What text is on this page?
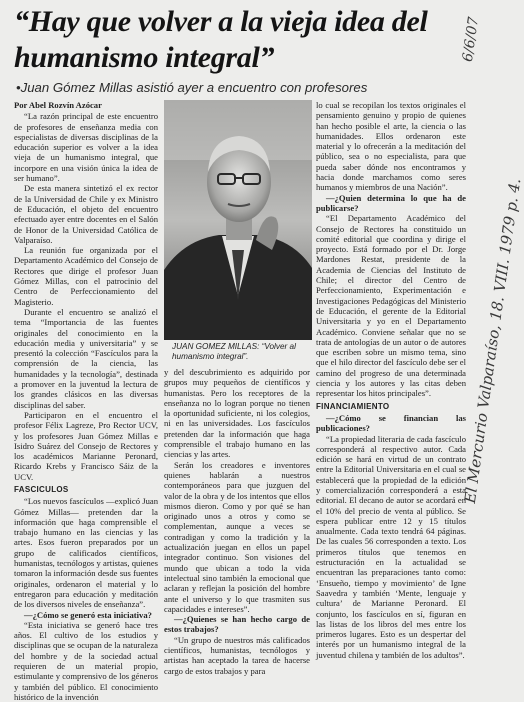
“Hay que volver a la vieja idea del humanismo integral”
•Juan Gómez Millas asistió ayer a encuentro con profesores

Por Abel Rozvín Azócar

“La razón principal de este encuentro de profesores de enseñanza media con especialistas de diversas disciplinas de la educación superior es volver a la idea vieja de un humanismo integral, que incorpore en una visión única la idea de ser humano”.

De esta manera sintetizó el ex rector de la Universidad de Chile y ex Ministro de Educación, el objeto del encuentro efectuado ayer entre docentes en el Salón de Honor de la Universidad Católica de Valparaíso.

La reunión fue organizada por el Departamento Académico del Consejo de Rectores que dirige el profesor Juan Gómez Millas, con el patrocinio del Centro de Perfeccionamiento del Magisterio.

Durante el encuentro se analizó el tema “Importancia de las fuentes originales del conocimiento en la educación media y universitaria” y se presentó la colección “Fascículos para la comprensión de la ciencia, las humanidades y la tecnología”, destinada a promover en la juventud la lectura de los grandes clásicos en las diversas disciplinas del saber.

Participaron en el encuentro el profesor Félix Lagreze, Pro Rector UCV, y los profesores Juan Gómez Millas e Isidro Suárez del Consejo de Rectores y los académicos Marianne Peronard, Ricardo Krebs y Francisco Sáiz de la UCV.

FASCICULOS

“Los nuevos fascículos —explicó Juan Gómez Millas— pretenden dar la información que haga comprensible el trabajo humano en las ciencias y las artes. Esos fueron preparados por un grupo de calificados científicos, humanistas, tecnólogos y artistas, quienes tomaron la información desde sus fuentes originales, ordenaron el material y lo entregaron para educación y meditación de los diversos niveles de enseñanza”.

—¿Cómo se generó esta iniciativa?

“Esta iniciativa se generó hace tres años. El cultivo de los estudios y disciplinas que se ocupan de la naturaleza del hombre y de la sociedad actual requieren de un material propio, estimulante y comprensivo de los géneros y también del público. El conocimiento histórico de la invención

JUAN GOMEZ MILLAS: “Volver al humanismo integral”.

y del descubrimiento es adquirido por grupos muy pequeños de científicos y humanistas. Pero los receptores de la enseñanza no lo logran porque no tienen la oportunidad suficiente, ni los colegios, ni en las universidades. Los fascículos pretenden dar la información que haga comprensible el trabajo humano en las ciencias y las artes.

Serán los creadores e inventores quienes hablarán a nuestros contemporáneos para que juzguen del valor de la obra y de los intentos que ellos mismos dieron. Como y por qué se han originado unos a otros y como se complementan, aunque a veces se contradigan y como la tradición y la actualización juegan en ellos un papel integrador continuo. Son visiones del mundo que ubican a todo la vida intelectual sino también la emocional que aclaran y reflejan la posición del hombre ante el universo y lo que trasmiten sus capacidades e intereses”.

—¿Quienes se han hecho cargo de estos trabajos?

“Un grupo de nuestros más calificados científicos, humanistas, tecnólogos y artistas han aceptado la tarea de hacerse cargo de estos trabajos y para

lo cual se recopilan los textos originales el pensamiento genuino y propio de quienes han hecho posible el arte, la ciencia o las humanidades. Ellos ordenaron este material y lo ofrecerán a la meditación del público, sea o no especialista, para que pueda saber dónde nos encontramos y hacia donde marchamos como seres humanos y miembros de una Nación”.

—¿Quien determina lo que ha de publicarse?

“El Departamento Académico del Consejo de Rectores ha constituido un comité editorial que coordina y dirige el proyecto. Está formado por el Dr. Jorge Mardones Restat, presidente de la Academia de Ciencias del Instituto de Chile; el director del Centro de Perfeccionamiento, Experimentación e Investigaciones Pedagógicas del Ministerio de Educación, el gerente de la Editorial Universitaria y yo en el Departamento Académico. Conviene señalar que no se trata de antologías de un autor o de autores que escriben sobre un mismo tema, sino que el hilo director del fascículo debe ser el camino del progreso de una determinada ciencia y los autores y las citas deben representar los hitos principales”.

FINANCIAMIENTO

—¿Cómo se financian las publicaciones?

“La propiedad literaria de cada fascículo corresponderá al respectivo autor. Cada edición se hará en virtud de un contrato entre la Editorial Universitaria en el cual se establecerá que la propiedad de la edición y comercialización corresponderá a esta editorial. El decano de autor se acordará en el 10% del precio de venta al público. Se espera publicar entre 12 y 15 títulos anualmente. Cada texto tendrá 64 páginas. De las cuales 56 corresponden a texto. Los primeros títulos que tenemos en estructuración en la actualidad se encuentran las preparaciones tanto como: ‘Ensueño, tiempo y movimiento’ de Igne Saavedra y también ‘Mente, lenguaje y cultura’ de Marianne Peronard. El conjunto, los fascículos en sí, figuran en las listas de los libros del mes entre los primeros lugares. Esto es un despertar del interés por un humanismo integral de la juventud chilena y también de los adultos”.

6/6/07
El Mercurio Valparaíso, 18. VIII. 1979 p. 4.
